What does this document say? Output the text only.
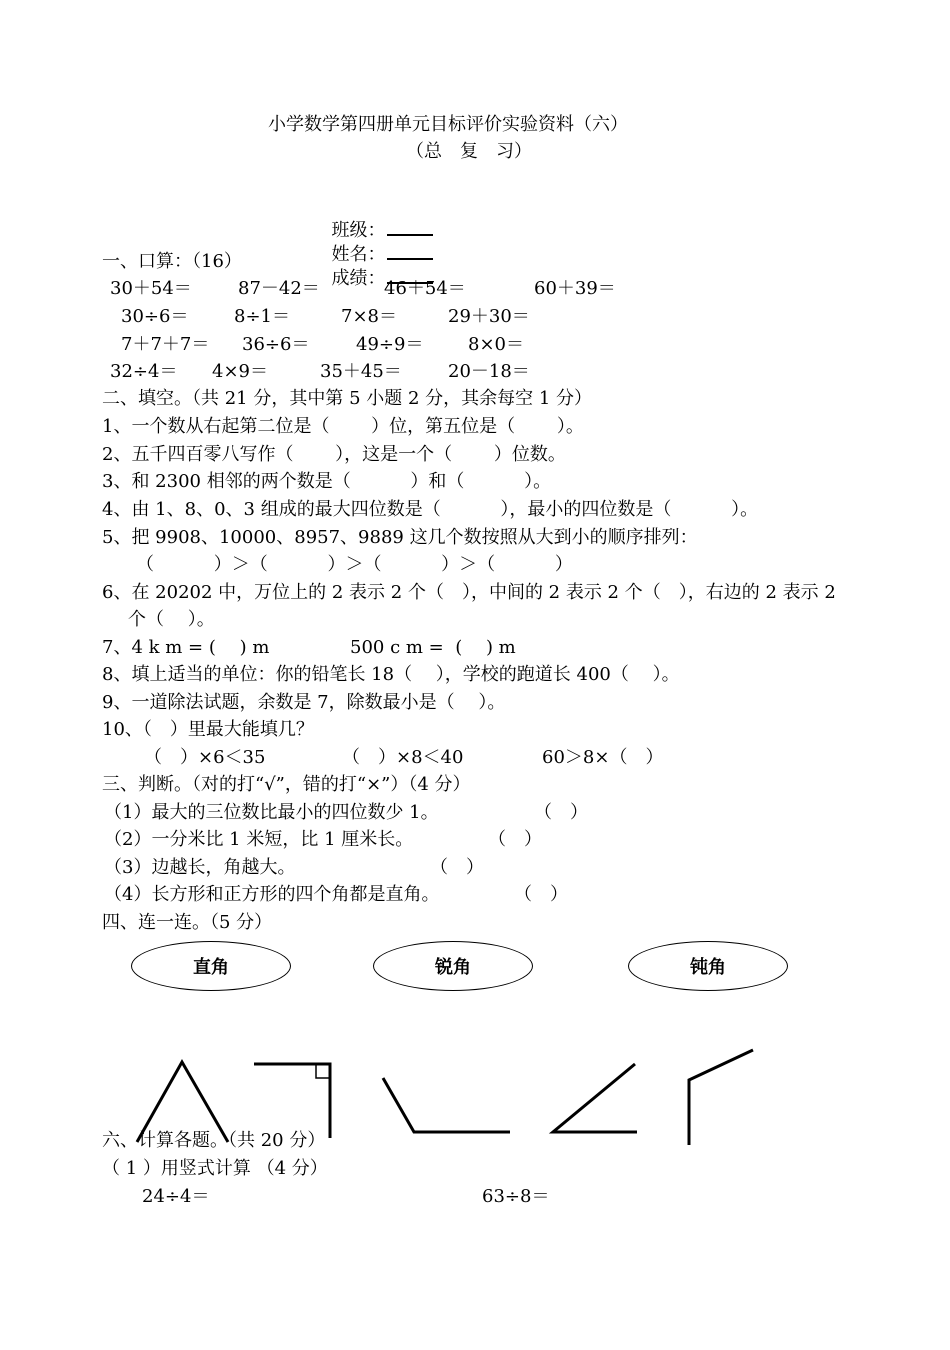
小学数学第四册单元目标评价实验资料（六）
（总　复　习）

班级：
姓名：
成绩：

一、口算：（16）
30＋54＝	87－42＝	46＋54＝	60＋39＝
30÷6＝	8÷1＝	7×8＝	29＋30＝
7＋7＋7＝ 36÷6＝	49÷9＝ 8×0＝
32÷4＝ 4×9＝	35＋45＝	20－18＝
二、填空。（共 21 分，其中第 5 小题 2 分，其余每空 1 分）
1、一个数从右起第二位是（　　 ）位，第五位是（　　 ）。
2、五千四百零八写作（　　 ），这是一个（　　 ）位数。
3、和 2300 相邻的两个数是（　　　 ）和（　　　 ）。
4、由 1、8、0、3 组成的最大四位数是（　　　 ），最小的四位数是（　　　 ）。
5、把 9908、10000、8957、9889 这几个数按照从大到小的顺序排列：
（　　　 ）＞（　　　 ）＞（　　　 ）＞（　　　 ）
6、在 20202 中，万位上的 2 表示 2 个（　），中间的 2 表示 2 个（　），右边的 2 表示 2
个（　 ）。
7、4 k m = (　 ) m	500 c m =  (　 ) m
8、填上适当的单位：你的铅笔长 18（　 ），学校的跑道长 400（　 ）。
9、一道除法试题，余数是 7，除数最小是（　 ）。
10、（　）里最大能填几？
（　）×6＜35	（　）×8＜40	60＞8×（　）
三、判断。（对的打“√”，错的打“×”）（4 分）
（1）最大的三位数比最小的四位数少 1。	（　）
（2）一分米比 1 米短，比 1 厘米长。	（　）
（3）边越长，角越大。	（　）
（4）长方形和正方形的四个角都是直角。	（　）
四、连一连。（5 分）
直角	锐角	钝角
六、计算各题。（共 20 分）
（ 1 ）用竖式计算 （4 分）
24÷4＝	63÷8＝
